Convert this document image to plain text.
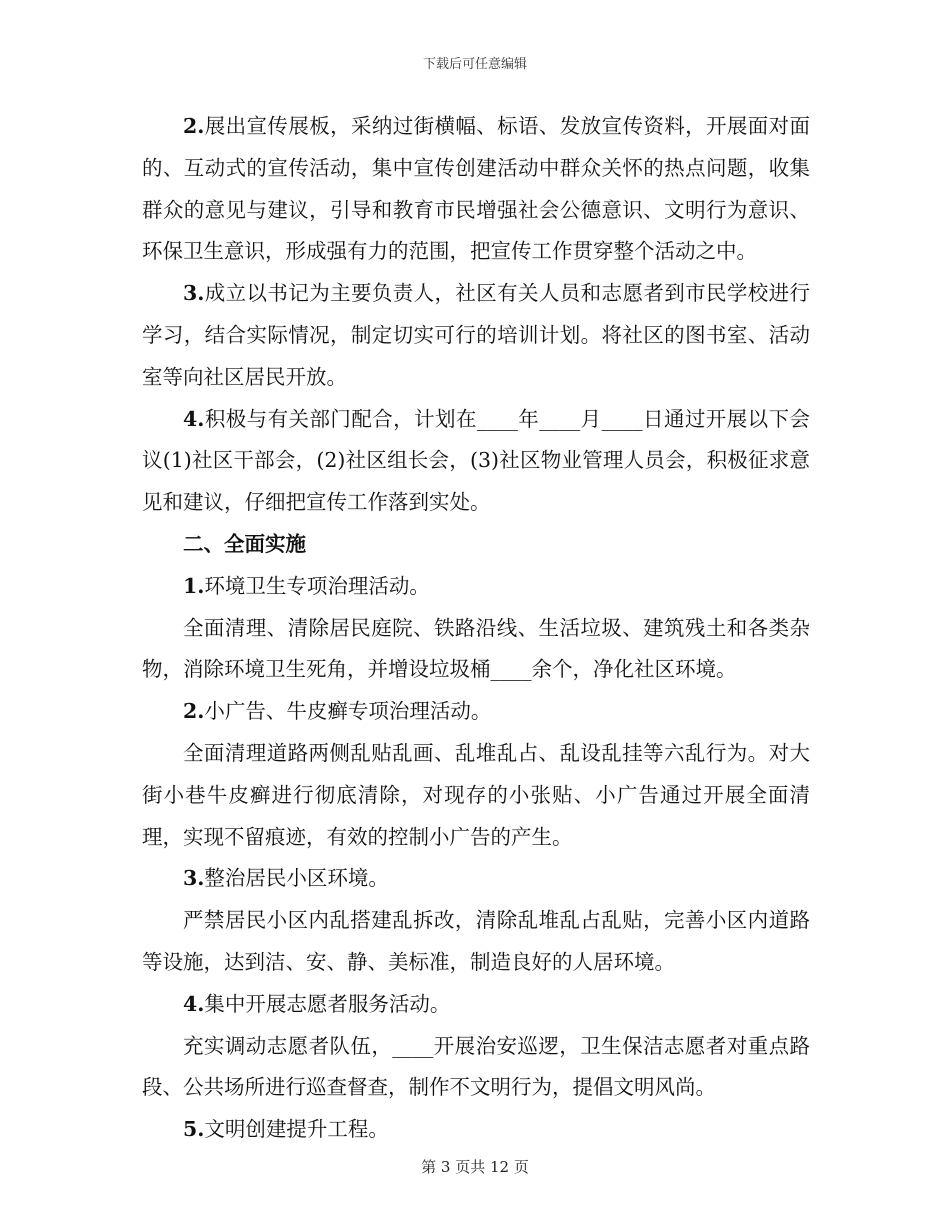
下载后可任意编辑

2.展出宣传展板，采纳过街横幅、标语、发放宣传资料，开展面对面的、互动式的宣传活动，集中宣传创建活动中群众关怀的热点问题，收集群众的意见与建议，引导和教育市民增强社会公德意识、文明行为意识、环保卫生意识，形成强有力的范围，把宣传工作贯穿整个活动之中。

3.成立以书记为主要负责人，社区有关人员和志愿者到市民学校进行学习，结合实际情况，制定切实可行的培训计划。将社区的图书室、活动室等向社区居民开放。

4.积极与有关部门配合，计划在____年____月____日通过开展以下会议(1)社区干部会，(2)社区组长会，(3)社区物业管理人员会，积极征求意见和建议，仔细把宣传工作落到实处。

二、全面实施

1.环境卫生专项治理活动。

全面清理、清除居民庭院、铁路沿线、生活垃圾、建筑残土和各类杂物，消除环境卫生死角，并增设垃圾桶____余个，净化社区环境。

2.小广告、牛皮癣专项治理活动。

全面清理道路两侧乱贴乱画、乱堆乱占、乱设乱挂等六乱行为。对大街小巷牛皮癣进行彻底清除，对现存的小张贴、小广告通过开展全面清理，实现不留痕迹，有效的控制小广告的产生。

3.整治居民小区环境。

严禁居民小区内乱搭建乱拆改，清除乱堆乱占乱贴，完善小区内道路等设施，达到洁、安、静、美标准，制造良好的人居环境。

4.集中开展志愿者服务活动。

充实调动志愿者队伍，____开展治安巡逻，卫生保洁志愿者对重点路段、公共场所进行巡查督查，制作不文明行为，提倡文明风尚。

5.文明创建提升工程。

第 3 页共 12 页
